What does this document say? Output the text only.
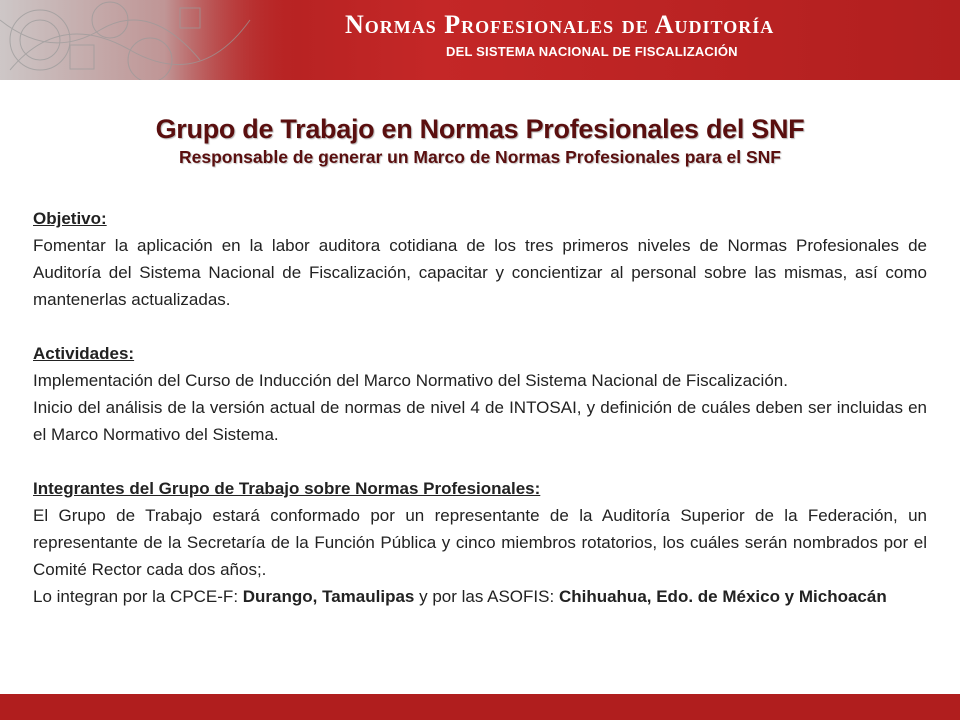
Normas Profesionales de Auditoría
DEL SISTEMA NACIONAL DE FISCALIZACIÓN
Grupo de Trabajo en Normas Profesionales del SNF
Responsable de generar un Marco de Normas Profesionales para el SNF

Objetivo:

Fomentar la aplicación en la labor auditora cotidiana de los tres primeros niveles de Normas Profesionales de Auditoría del Sistema Nacional de Fiscalización, capacitar y concientizar al personal sobre las mismas, así como mantenerlas actualizadas.

Actividades:

Implementación del Curso de Inducción del Marco Normativo del Sistema Nacional de Fiscalización.

Inicio del análisis de la versión actual de normas de nivel 4 de INTOSAI, y definición de cuáles deben ser incluidas en el Marco Normativo del Sistema.

Integrantes del Grupo de Trabajo sobre Normas Profesionales:

El Grupo de Trabajo estará conformado por un representante de la Auditoría Superior de la Federación, un representante de la Secretaría de la Función Pública y cinco miembros rotatorios, los cuáles serán nombrados por el Comité Rector cada dos años;.

Lo integran por la CPCE-F: Durango, Tamaulipas y por las ASOFIS: Chihuahua, Edo. de México y Michoacán
